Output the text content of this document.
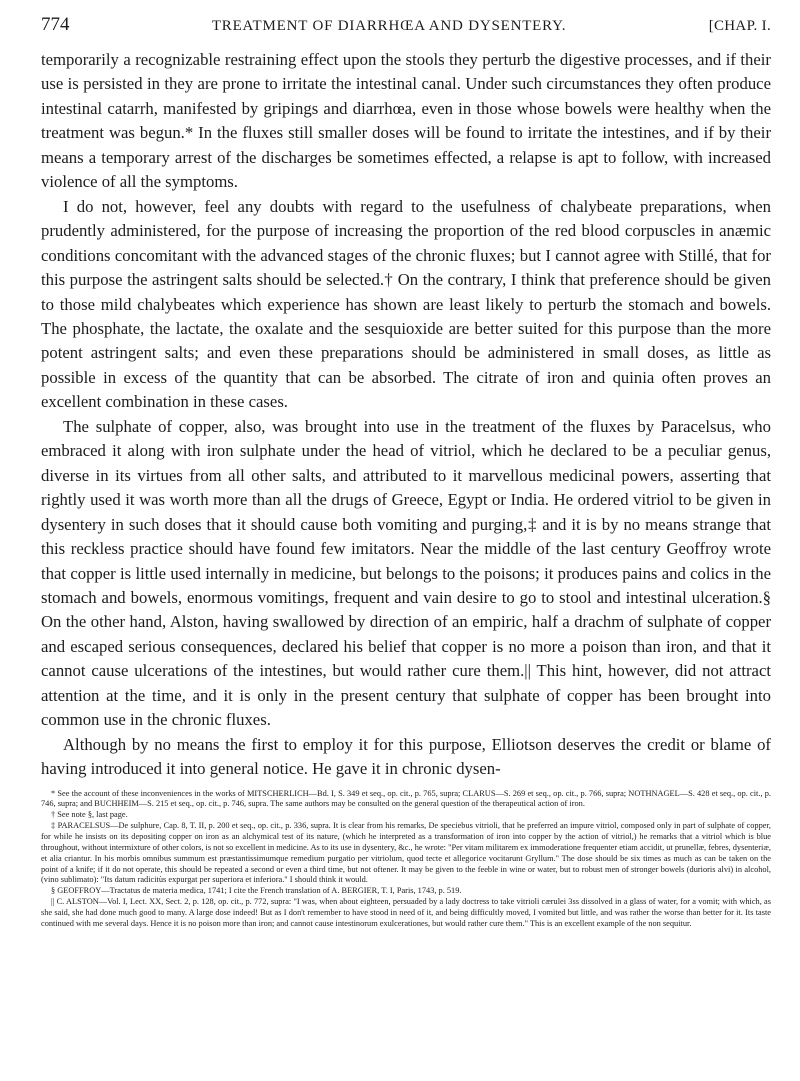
774	TREATMENT OF DIARRHŒA AND DYSENTERY.	[CHAP. I.

temporarily a recognizable restraining effect upon the stools they perturb the digestive processes, and if their use is persisted in they are prone to irritate the intestinal canal. Under such circumstances they often produce intestinal catarrh, manifested by gripings and diarrhœa, even in those whose bowels were healthy when the treatment was begun.* In the fluxes still smaller doses will be found to irritate the intestines, and if by their means a temporary arrest of the discharges be sometimes effected, a relapse is apt to follow, with increased violence of all the symptoms.

I do not, however, feel any doubts with regard to the usefulness of chalybeate preparations, when prudently administered, for the purpose of increasing the proportion of the red blood corpuscles in anæmic conditions concomitant with the advanced stages of the chronic fluxes; but I cannot agree with Stillé, that for this purpose the astringent salts should be selected.† On the contrary, I think that preference should be given to those mild chalybeates which experience has shown are least likely to perturb the stomach and bowels. The phosphate, the lactate, the oxalate and the sesquioxide are better suited for this purpose than the more potent astringent salts; and even these preparations should be administered in small doses, as little as possible in excess of the quantity that can be absorbed. The citrate of iron and quinia often proves an excellent combination in these cases.

The sulphate of copper, also, was brought into use in the treatment of the fluxes by Paracelsus, who embraced it along with iron sulphate under the head of vitriol, which he declared to be a peculiar genus, diverse in its virtues from all other salts, and attributed to it marvellous medicinal powers, asserting that rightly used it was worth more than all the drugs of Greece, Egypt or India. He ordered vitriol to be given in dysentery in such doses that it should cause both vomiting and purging,‡ and it is by no means strange that this reckless practice should have found few imitators. Near the middle of the last century Geoffroy wrote that copper is little used internally in medicine, but belongs to the poisons; it produces pains and colics in the stomach and bowels, enormous vomitings, frequent and vain desire to go to stool and intestinal ulceration.§ On the other hand, Alston, having swallowed by direction of an empiric, half a drachm of sulphate of copper and escaped serious consequences, declared his belief that copper is no more a poison than iron, and that it cannot cause ulcerations of the intestines, but would rather cure them.|| This hint, however, did not attract attention at the time, and it is only in the present century that sulphate of copper has been brought into common use in the chronic fluxes.

Although by no means the first to employ it for this purpose, Elliotson deserves the credit or blame of having introduced it into general notice. He gave it in chronic dysen-

* See the account of these inconveniences in the works of MITSCHERLICH—Bd. I, S. 349 et seq., op. cit., p. 765, supra; CLARUS—S. 269 et seq., op. cit., p. 766, supra; NOTHNAGEL—S. 428 et seq., op. cit., p. 746, supra; and BUCHHEIM—S. 215 et seq., op. cit., p. 746, supra. The same authors may be consulted on the general question of the therapeutical action of iron.

† See note §, last page.

‡ PARACELSUS—De sulphure, Cap. 8, T. II, p. 200 et seq., op. cit., p. 336, supra. It is clear from his remarks, De speciebus vitrioli, that he preferred an impure vitriol, composed only in part of sulphate of copper, for while he insists on its depositing copper on iron as an alchymical test of its nature, (which he interpreted as a transformation of iron into copper by the action of vitriol,) he remarks that a vitriol which is blue throughout, without intermixture of other colors, is not so excellent in medicine. As to its use in dysentery, &c., he wrote: "Per vitam militarem ex immoderatione frequenter etiam accidit, ut prunellæ, febres, dysenteriæ, et alia criantur. In his morbis omnibus summum est præstantissimumque remedium purgatio per vitriolum, quod tecte et allegorice vocitarunt Gryllum." The dose should be six times as much as can be taken on the point of a knife; if it do not operate, this should be repeated a second or even a third time, but not oftener. It may be given to the feeble in wine or water, but to robust men of stronger bowels (durioris alvi) in alcohol, (vino sublimato): "Its datum radicitùs expurgat per superiora et inferiora." I should think it would.

§ GEOFFROY—Tractatus de materia medica, 1741; I cite the French translation of A. BERGIER, T. I, Paris, 1743, p. 519.

|| C. ALSTON—Vol. I, Lect. XX, Sect. 2, p. 128, op. cit., p. 772, supra: "I was, when about eighteen, persuaded by a lady doctress to take vitrioli cærulei 3ss dissolved in a glass of water, for a vomit; with which, as she said, she had done much good to many. A large dose indeed! But as I don't remember to have stood in need of it, and being difficultly moved, I vomited but little, and was rather the worse than better for it. Its taste continued with me several days. Hence it is no poison more than iron; and cannot cause intestinorum exulcerationes, but would rather cure them." This is an excellent example of the non sequitur.
